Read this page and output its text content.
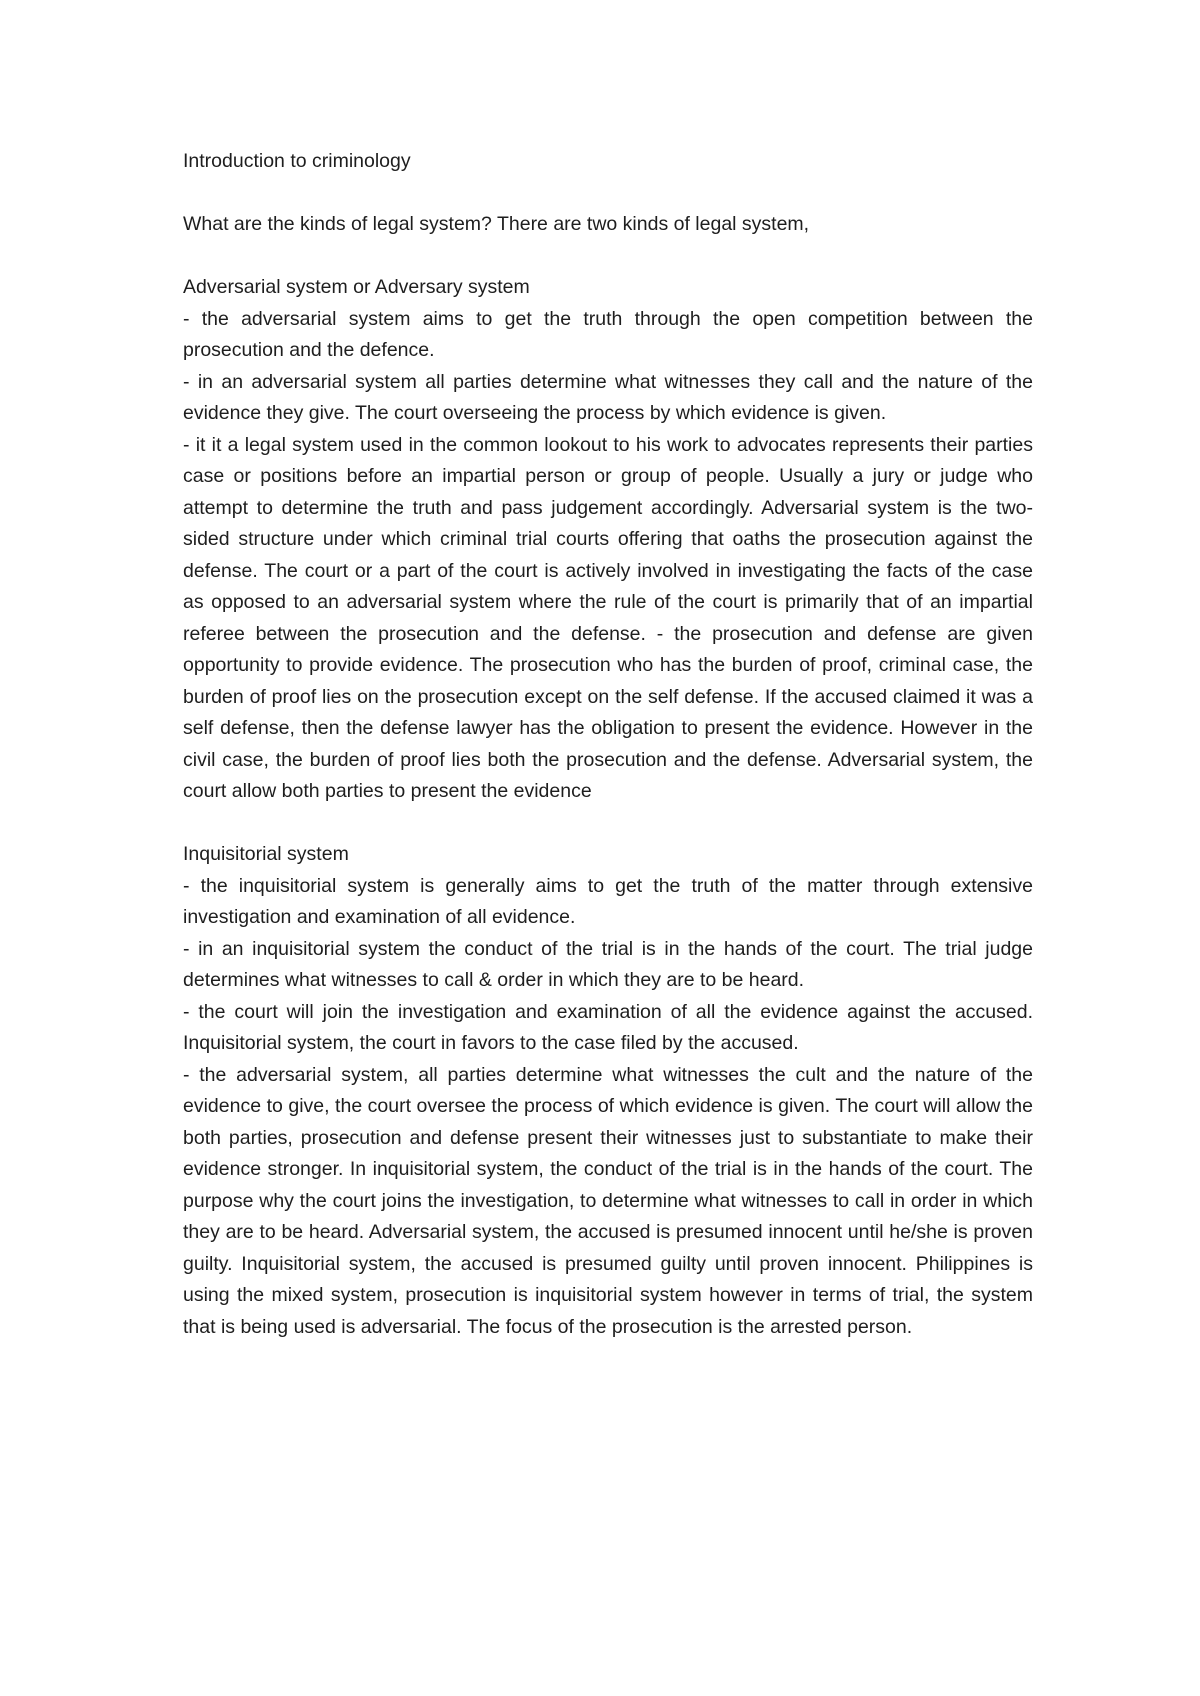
Introduction to criminology

What are the kinds of legal system? There are two kinds of legal system,

Adversarial system or Adversary system

- the adversarial system aims to get the truth through the open competition between the prosecution and the defence.

- in an adversarial system all parties determine what witnesses they call and the nature of the evidence they give. The court overseeing the process by which evidence is given.

- it it a legal system used in the common lookout to his work to advocates represents their parties case or positions before an impartial person or group of people. Usually a jury or judge who attempt to determine the truth and pass judgement accordingly. Adversarial system is the two-sided structure under which criminal trial courts offering that oaths the prosecution against the defense. The court or a part of the court is actively involved in investigating the facts of the case as opposed to an adversarial system where the rule of the court is primarily that of an impartial referee between the prosecution and the defense. - the prosecution and defense are given opportunity to provide evidence. The prosecution who has the burden of proof, criminal case, the burden of proof lies on the prosecution except on the self defense. If the accused claimed it was a self defense, then the defense lawyer has the obligation to present the evidence. However in the civil case, the burden of proof lies both the prosecution and the defense. Adversarial system, the court allow both parties to present the evidence

Inquisitorial system

- the inquisitorial system is generally aims to get the truth of the matter through extensive investigation and examination of all evidence.

- in an inquisitorial system the conduct of the trial is in the hands of the court. The trial judge determines what witnesses to call & order in which they are to be heard.

- the court will join the investigation and examination of all the evidence against the accused. Inquisitorial system, the court in favors to the case filed by the accused.

- the adversarial system, all parties determine what witnesses the cult and the nature of the evidence to give, the court oversee the process of which evidence is given. The court will allow the both parties, prosecution and defense present their witnesses just to substantiate to make their evidence stronger. In inquisitorial system, the conduct of the trial is in the hands of the court. The purpose why the court joins the investigation, to determine what witnesses to call in order in which they are to be heard. Adversarial system, the accused is presumed innocent until he/she is proven guilty. Inquisitorial system, the accused is presumed guilty until proven innocent. Philippines is using the mixed system, prosecution is inquisitorial system however in terms of trial, the system that is being used is adversarial. The focus of the prosecution is the arrested person.
